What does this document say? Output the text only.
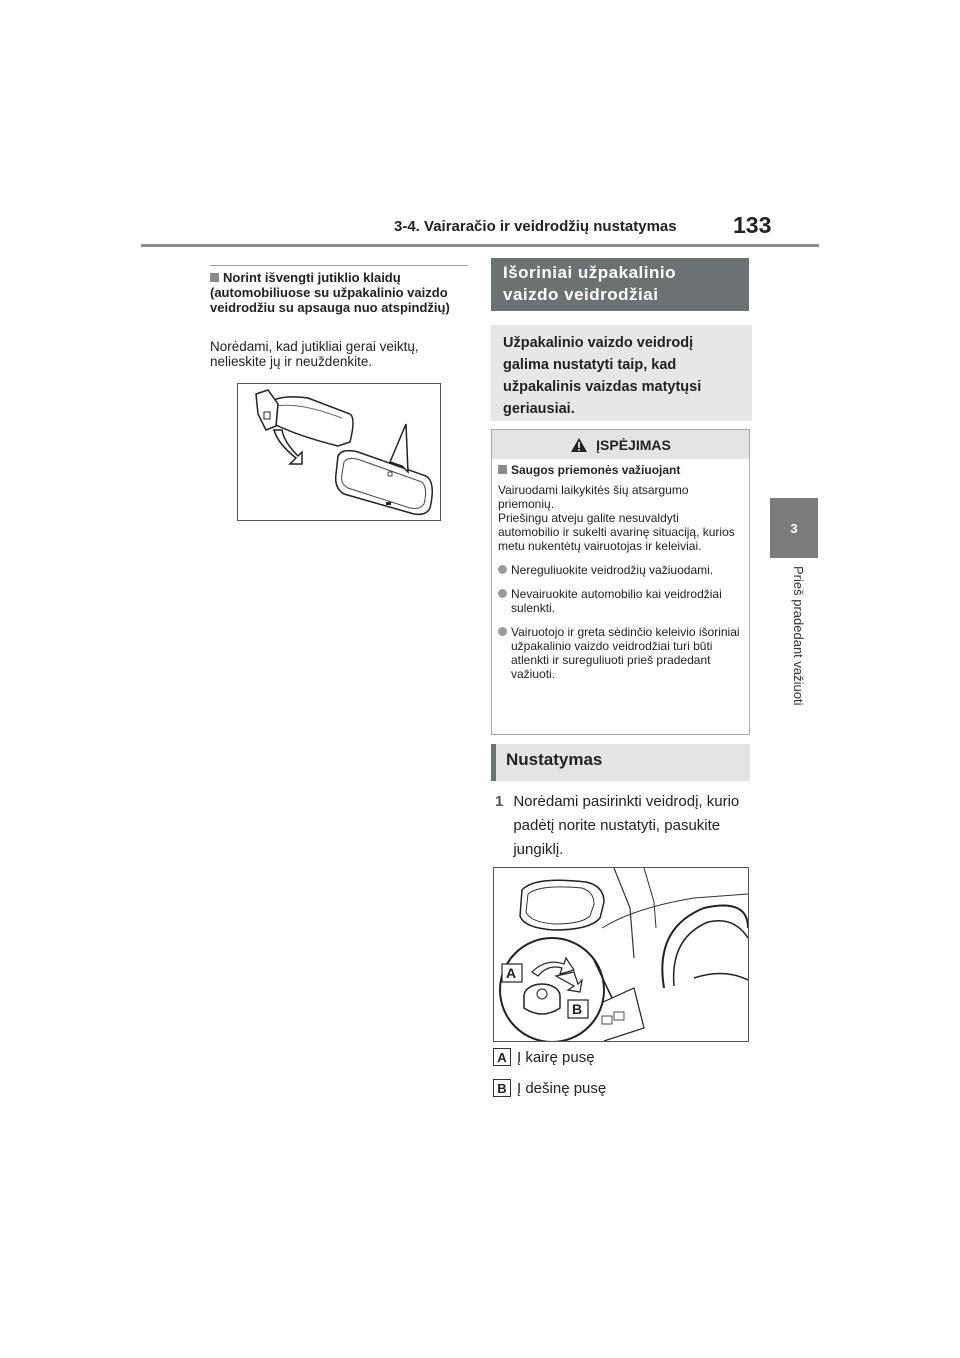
3-4. Vairaračio ir veidrodžių nustatymas 133
3
Prieš pradedant važiuoti
Norint išvengti jutiklio klaidų (automobiliuose su užpakalinio vaizdo veidrodžiu su apsauga nuo atspindžių)
Norėdami, kad jutikliai gerai veiktų, nelieskite jų ir neuždenkite.
Išoriniai užpakalinio vaizdo veidrodžiai
Užpakalinio vaizdo veidrodį galima nustatyti taip, kad užpakalinis vaizdas matytųsi geriausiai.
ĮSPĖJIMAS
Saugos priemonės važiuojant
Vairuodami laikykitės šių atsargumo priemonių.
Priešingu atveju galite nesuvaldyti automobilio ir sukelti avarinę situaciją, kurios metu nukentėtų vairuotojas ir keleiviai.
Nereguliuokite veidrodžių važiuodami.
Nevairuokite automobilio kai veidrodžiai sulenkti.
Vairuotojo ir greta sėdinčio keleivio išoriniai užpakalinio vaizdo veidrodžiai turi būti atlenkti ir sureguliuoti prieš pradedant važiuoti.
Nustatymas
1 Norėdami pasirinkti veidrodį, kurio padėtį norite nustatyti, pasukite jungiklį.
A
B
A Į kairę pusę
B Į dešinę pusę
